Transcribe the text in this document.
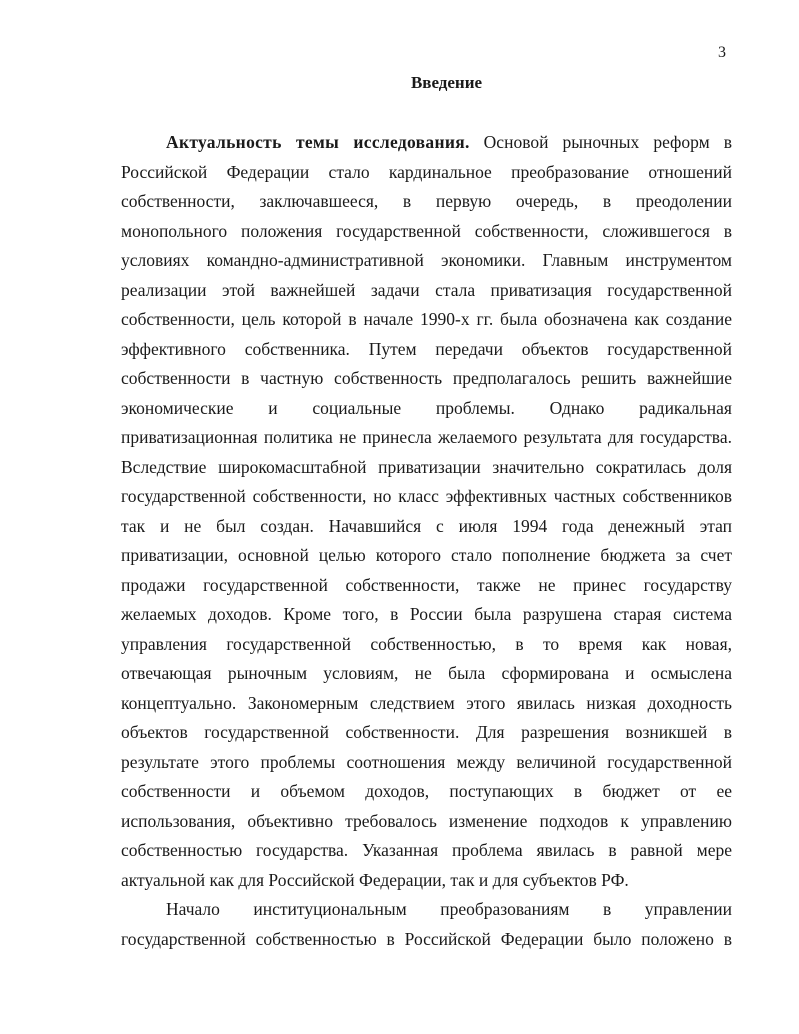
3
Введение
Актуальность темы исследования. Основой рыночных реформ в
Российской Федерации стало кардинальное преобразование отношений
собственности, заключавшееся, в первую очередь, в преодолении
монопольного положения государственной собственности, сложившегося в
условиях командно-административной экономики. Главным инструментом
реализации этой важнейшей задачи стала приватизация государственной
собственности, цель которой в начале 1990-х гг. была обозначена как создание
эффективного собственника. Путем передачи объектов государственной
собственности в частную собственность предполагалось решить важнейшие
экономические и социальные проблемы. Однако радикальная
приватизационная политика не принесла желаемого результата для государства.
Вследствие широкомасштабной приватизации значительно сократилась доля
государственной собственности, но класс эффективных частных собственников
так и не был создан. Начавшийся с июля 1994 года денежный этап
приватизации, основной целью которого стало пополнение бюджета за счет
продажи государственной собственности, также не принес государству
желаемых доходов. Кроме того, в России была разрушена старая система
управления государственной собственностью, в то время как новая,
отвечающая рыночным условиям, не была сформирована и осмыслена
концептуально. Закономерным следствием этого явилась низкая доходность
объектов государственной собственности. Для разрешения возникшей в
результате этого проблемы соотношения между величиной государственной
собственности и объемом доходов, поступающих в бюджет от ее
использования, объективно требовалось изменение подходов к управлению
собственностью государства. Указанная проблема явилась в равной мере
актуальной как для Российской Федерации, так и для субъектов РФ.
Начало институциональным преобразованиям в управлении
государственной собственностью в Российской Федерации было положено в
